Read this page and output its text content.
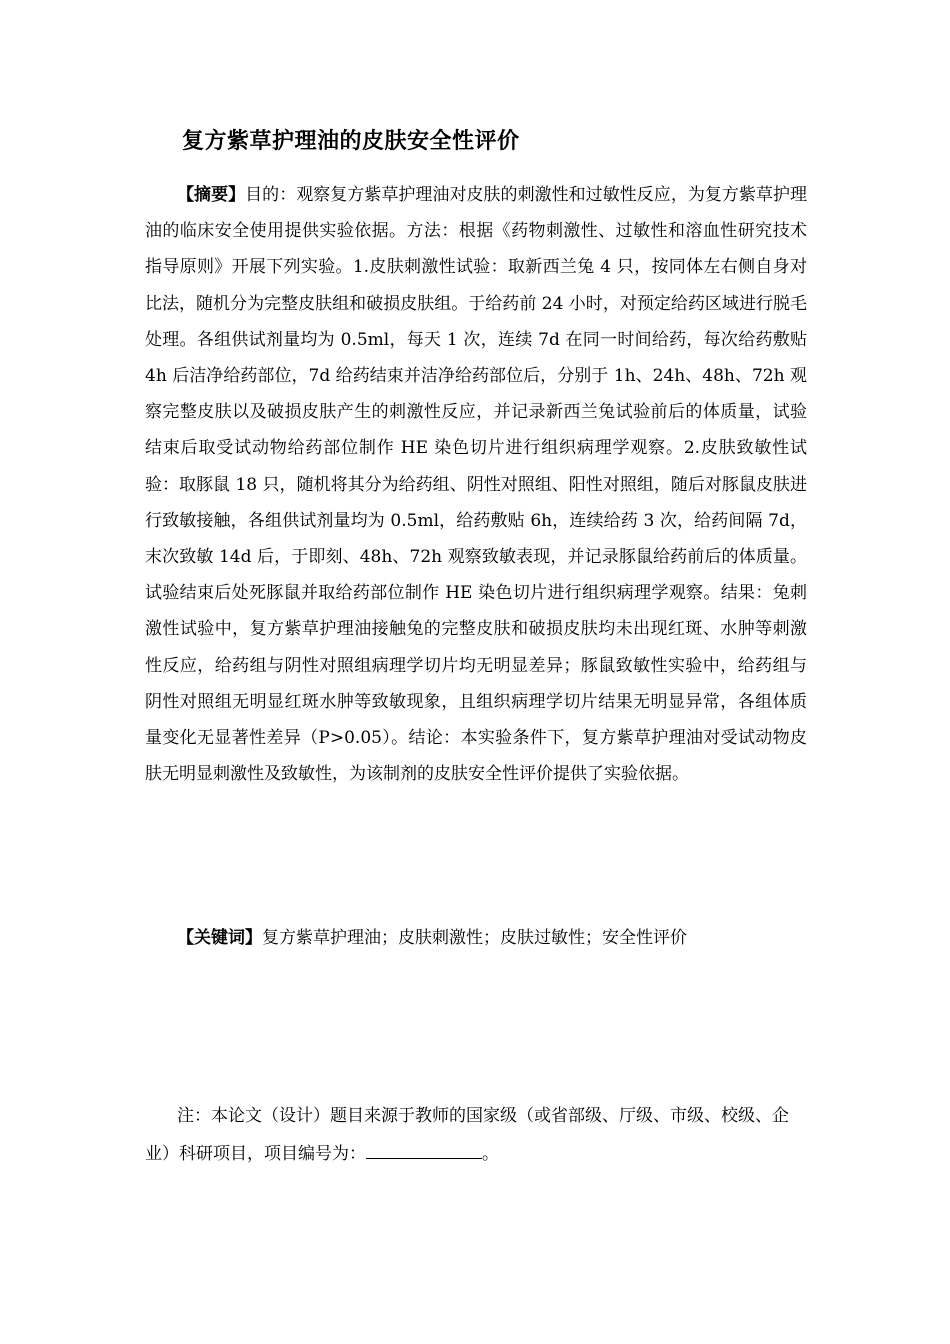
复方紫草护理油的皮肤安全性评价

【摘要】目的：观察复方紫草护理油对皮肤的刺激性和过敏性反应，为复方紫草护理油的临床安全使用提供实验依据。方法：根据《药物刺激性、过敏性和溶血性研究技术指导原则》开展下列实验。1.皮肤刺激性试验：取新西兰兔 4 只，按同体左右侧自身对比法，随机分为完整皮肤组和破损皮肤组。于给药前 24 小时，对预定给药区域进行脱毛处理。各组供试剂量均为 0.5ml，每天 1 次，连续 7d 在同一时间给药，每次给药敷贴 4h 后洁净给药部位，7d 给药结束并洁净给药部位后，分别于 1h、24h、48h、72h 观察完整皮肤以及破损皮肤产生的刺激性反应，并记录新西兰兔试验前后的体质量，试验结束后取受试动物给药部位制作 HE 染色切片进行组织病理学观察。2.皮肤致敏性试验：取豚鼠 18 只，随机将其分为给药组、阴性对照组、阳性对照组，随后对豚鼠皮肤进行致敏接触，各组供试剂量均为 0.5ml，给药敷贴 6h，连续给药 3 次，给药间隔 7d，末次致敏 14d 后，于即刻、48h、72h 观察致敏表现，并记录豚鼠给药前后的体质量。试验结束后处死豚鼠并取给药部位制作 HE 染色切片进行组织病理学观察。结果：兔刺激性试验中，复方紫草护理油接触兔的完整皮肤和破损皮肤均未出现红斑、水肿等刺激性反应，给药组与阴性对照组病理学切片均无明显差异；豚鼠致敏性实验中，给药组与阴性对照组无明显红斑水肿等致敏现象，且组织病理学切片结果无明显异常，各组体质量变化无显著性差异（P>0.05）。结论：本实验条件下，复方紫草护理油对受试动物皮肤无明显刺激性及致敏性，为该制剂的皮肤安全性评价提供了实验依据。

【关键词】复方紫草护理油；皮肤刺激性；皮肤过敏性；安全性评价

注：本论文（设计）题目来源于教师的国家级（或省部级、厅级、市级、校级、企业）科研项目，项目编号为：	。
